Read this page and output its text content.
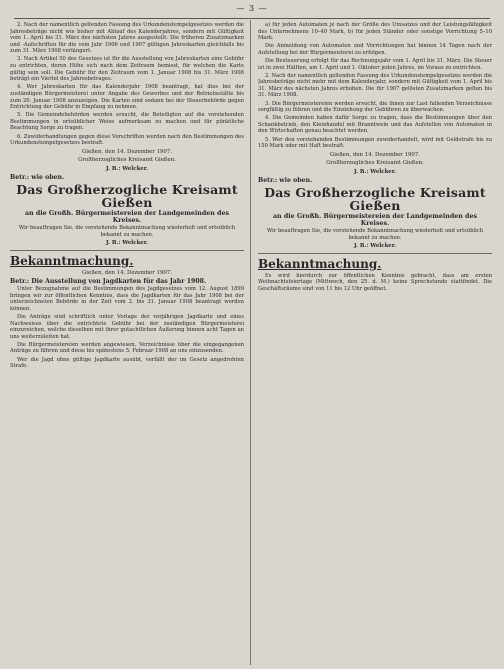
— 3 —

2. Nach der namentlich geltenden Fassung des Urkundenstempelgesetzes werden die Jahresbeträge nicht wie bisher mit Ablauf des Kalenderjahres, sondern mit Gültigkeit vom 1. April bis 31. März des nächsten Jahres ausgestellt. Die früheren Zusatzmarken und -Aufschriften für die vom Jahr 1906 und 1907 gültigen Jahreskarten gleichfalls bis zum 31. März 1908 verlängert.

3. Nach Artikel 50 des Gesetzes ist für die Ausstellung von Jahreskarten eine Gebühr zu entrichten, deren Höhe sich nach dem Zeitraum bemisst, für welchen die Karte gültig sein soll. Die Gebühr für den Zeitraum vom 1. Januar 1908 bis 31. März 1908 beträgt ein Viertel des Jahresbetrages.

4. Wer Jahreskarten für das Kalenderjahr 1908 beantragt, hat dies bei der zuständigen Bürgermeisterei unter Angabe des Gewerbes und der Betriebsstätte bis zum 20. Januar 1908 anzuzeigen. Die Karten sind sodann bei der Steuerbehörde gegen Entrichtung der Gebühr in Empfang zu nehmen.

5. Die Gemeindebehörden werden ersucht, die Beteiligten auf die vorstehenden Bestimmungen in ortsüblicher Weise aufmerksam zu machen und für pünktliche Beachtung Sorge zu tragen.

6. Zuwiderhandlungen gegen diese Vorschriften werden nach den Bestimmungen des Urkundenstempelgesetzes bestraft.

Gießen, den 14. Dezember 1907.
Großherzogliches Kreisamt Gießen.
J. B.: Welcker.
Betr.: wie oben.
Das Großherzogliche Kreisamt Gießen
an die Großh. Bürgermeistereien der Landgemeinden des Kreises.
Wir beauftragen Sie, die vorstehende Bekanntmachung wiederholt und ortsüblich bekannt zu machen.
J. B.: Welcker.
Bekanntmachung.
Gießen, den 14. Dezember 1907.
Betr.: Die Ausstellung von Jagdkarten für das Jahr 1908.

Unter Bezugnahme auf die Bestimmungen des Jagdgesetzes vom 12. August 1899 bringen wir zur öffentlichen Kenntnis, dass die Jagdkarten für das Jahr 1908 bei der unterzeichneten Behörde in der Zeit vom 2. bis 31. Januar 1908 beantragt werden können.

Die Anträge sind schriftlich unter Vorlage der vorjährigen Jagdkarte und eines Nachweises über die entrichtete Gebühr bei der zuständigen Bürgermeisterei einzureichen, welche dieselben mit ihrer gutachtlichen Äußerung binnen acht Tagen an uns weiterzuleiten hat.

Die Bürgermeistereien werden angewiesen, Verzeichnisse über die eingegangenen Anträge zu führen und diese bis spätestens 5. Februar 1908 an uns einzusenden.

Wer die Jagd ohne gültige Jagdkarte ausübt, verfällt der im Gesetz angedrohten Strafe.

a) für jeden Automaten je nach der Größe des Umsatzes und der Leistungsfähigkeit des Unternehmens 10–40 Mark, b) für jeden Ständer oder sonstige Vorrichtung 5–10 Mark.

Die Anmeldung von Automaten und Vorrichtungen hat binnen 14 Tagen nach der Aufstellung bei der Bürgermeisterei zu erfolgen.

Die Besteuerung erfolgt für das Rechnungsjahr vom 1. April bis 31. März. Die Steuer ist in zwei Hälften, am 1. April und 1. Oktober jeden Jahres, im Voraus zu entrichten.

2. Nach der namentlich geltenden Fassung des Urkundenstempelgesetzes werden die Jahresbeträge nicht mehr mit dem Kalenderjahr, sondern mit Gültigkeit vom 1. April bis 31. März des nächsten Jahres erhoben. Die für 1907 gelösten Zusatzmarken gelten bis 31. März 1908.

3. Die Bürgermeistereien werden ersucht, die ihnen zur Last fallenden Verzeichnisse sorgfältig zu führen und die Einziehung der Gebühren zu überwachen.

4. Die Gemeinden haben dafür Sorge zu tragen, dass die Bestimmungen über den Schankbetrieb, den Kleinhandel mit Branntwein und das Aufstellen von Automaten in den Wirtschaften genau beachtet werden.

5. Wer den vorstehenden Bestimmungen zuwiderhandelt, wird mit Geldstrafe bis zu 150 Mark oder mit Haft bestraft.

Gießen, den 14. Dezember 1907.
Großherzogliches Kreisamt Gießen.
J. B.: Welcker.
Betr.: wie oben.
Das Großherzogliche Kreisamt Gießen
an die Großh. Bürgermeistereien der Landgemeinden des Kreises.
Wir beauftragen Sie, die vorstehende Bekanntmachung wiederholt und ortsüblich bekannt zu machen.
J. B.: Welcker.
Bekanntmachung.

Es wird hierdurch zur öffentlichen Kenntnis gebracht, dass am ersten Weihnachtsfeiertage (Mittwoch, den 25. d. M.) keine Sprechstunde stattfindet. Die Geschäftsräume sind von 11 bis 12 Uhr geöffnet.
